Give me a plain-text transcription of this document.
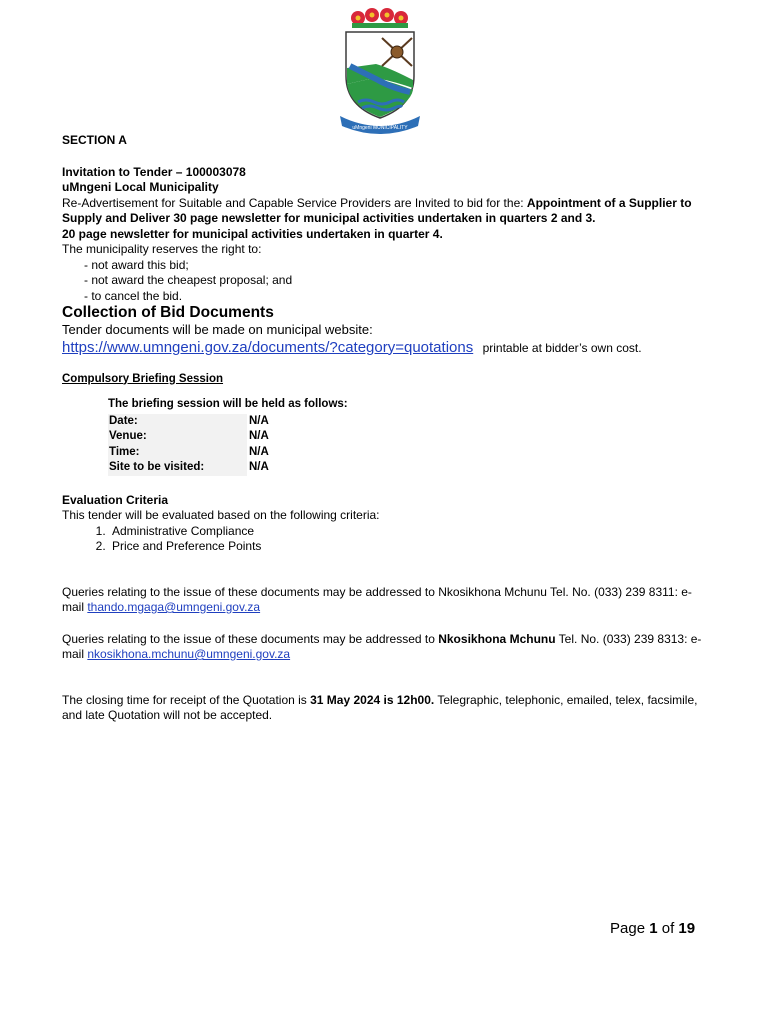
uMngeni MUNICIPALITY

SECTION A

Invitation to Tender – 100003078

uMngeni Local Municipality

Re-Advertisement for Suitable and Capable Service Providers are Invited to bid for the: Appointment of a Supplier to Supply and Deliver 30 page newsletter for municipal activities undertaken in quarters 2 and 3.

20 page newsletter for municipal activities undertaken in quarter 4.

The municipality reserves the right to:

- not award this bid;

- not award the cheapest proposal; and

- to cancel the bid.

Collection of Bid Documents

Tender documents will be made on municipal website:

https://www.umngeni.gov.za/documents/?category=quotations printable at bidder’s own cost.

Compulsory Briefing Session

The briefing session will be held as follows:

Date:	N/A
Venue:	N/A
Time:	N/A
Site to be visited:	N/A

Evaluation Criteria

This tender will be evaluated based on the following criteria:

1. Administrative Compliance
2. Price and Preference Points

Queries relating to the issue of these documents may be addressed to Nkosikhona Mchunu Tel. No. (033) 239 8311: e-mail thando.mgaga@umngeni.gov.za

Queries relating to the issue of these documents may be addressed to Nkosikhona Mchunu Tel. No. (033) 239 8313: e-mail nkosikhona.mchunu@umngeni.gov.za

The closing time for receipt of the Quotation is 31 May 2024 is 12h00. Telegraphic, telephonic, emailed, telex, facsimile, and late Quotation will not be accepted.

Page 1 of 19
